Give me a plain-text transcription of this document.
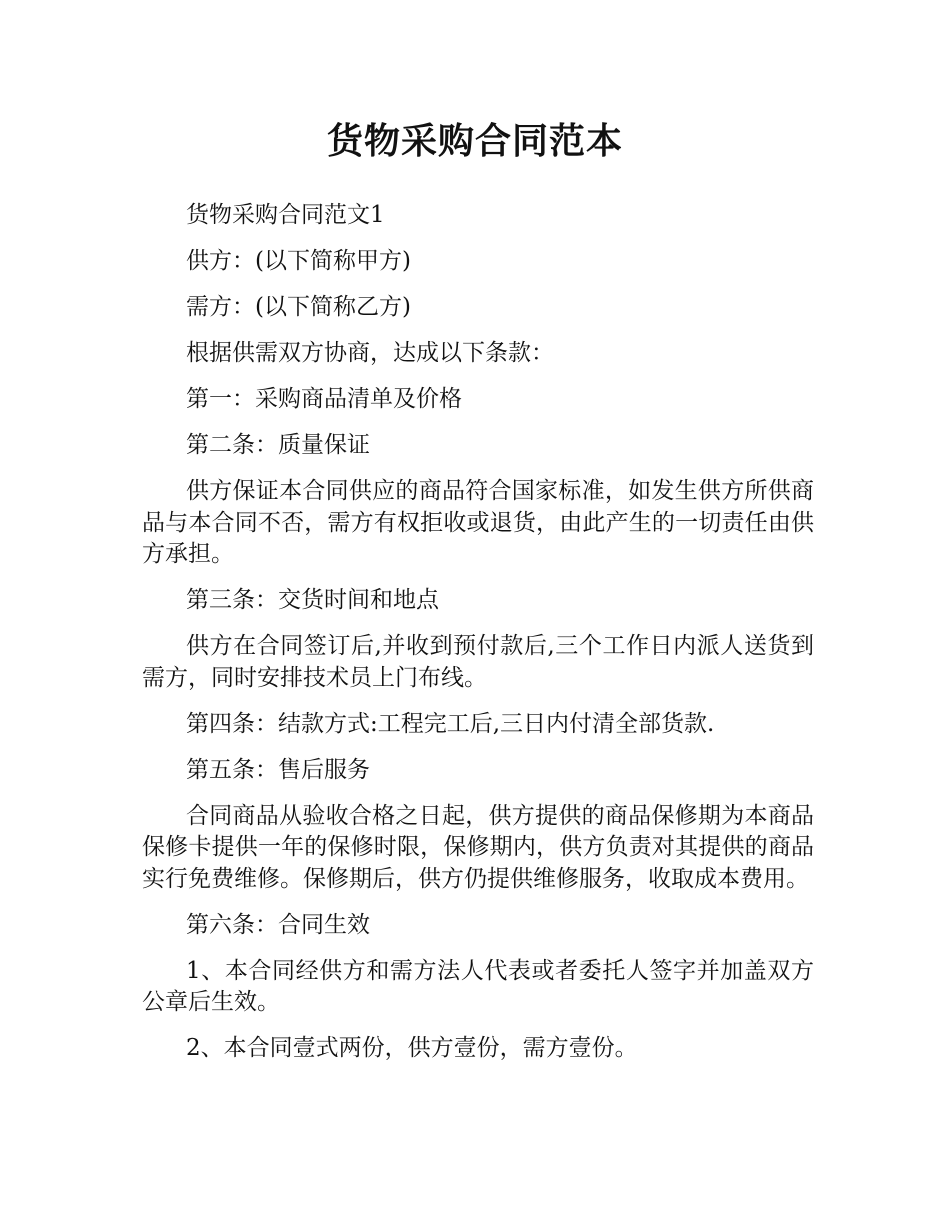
货物采购合同范本

货物采购合同范文1

供方：(以下简称甲方)

需方：(以下简称乙方)

根据供需双方协商，达成以下条款：

第一：采购商品清单及价格

第二条：质量保证

供方保证本合同供应的商品符合国家标准，如发生供方所供商品与本合同不否，需方有权拒收或退货，由此产生的一切责任由供方承担。

第三条：交货时间和地点

供方在合同签订后,并收到预付款后,三个工作日内派人送货到需方，同时安排技术员上门布线。

第四条：结款方式:工程完工后,三日内付清全部货款.

第五条：售后服务

合同商品从验收合格之日起，供方提供的商品保修期为本商品保修卡提供一年的保修时限，保修期内，供方负责对其提供的商品实行免费维修。保修期后，供方仍提供维修服务，收取成本费用。

第六条：合同生效

1、本合同经供方和需方法人代表或者委托人签字并加盖双方公章后生效。

2、本合同壹式两份，供方壹份，需方壹份。
